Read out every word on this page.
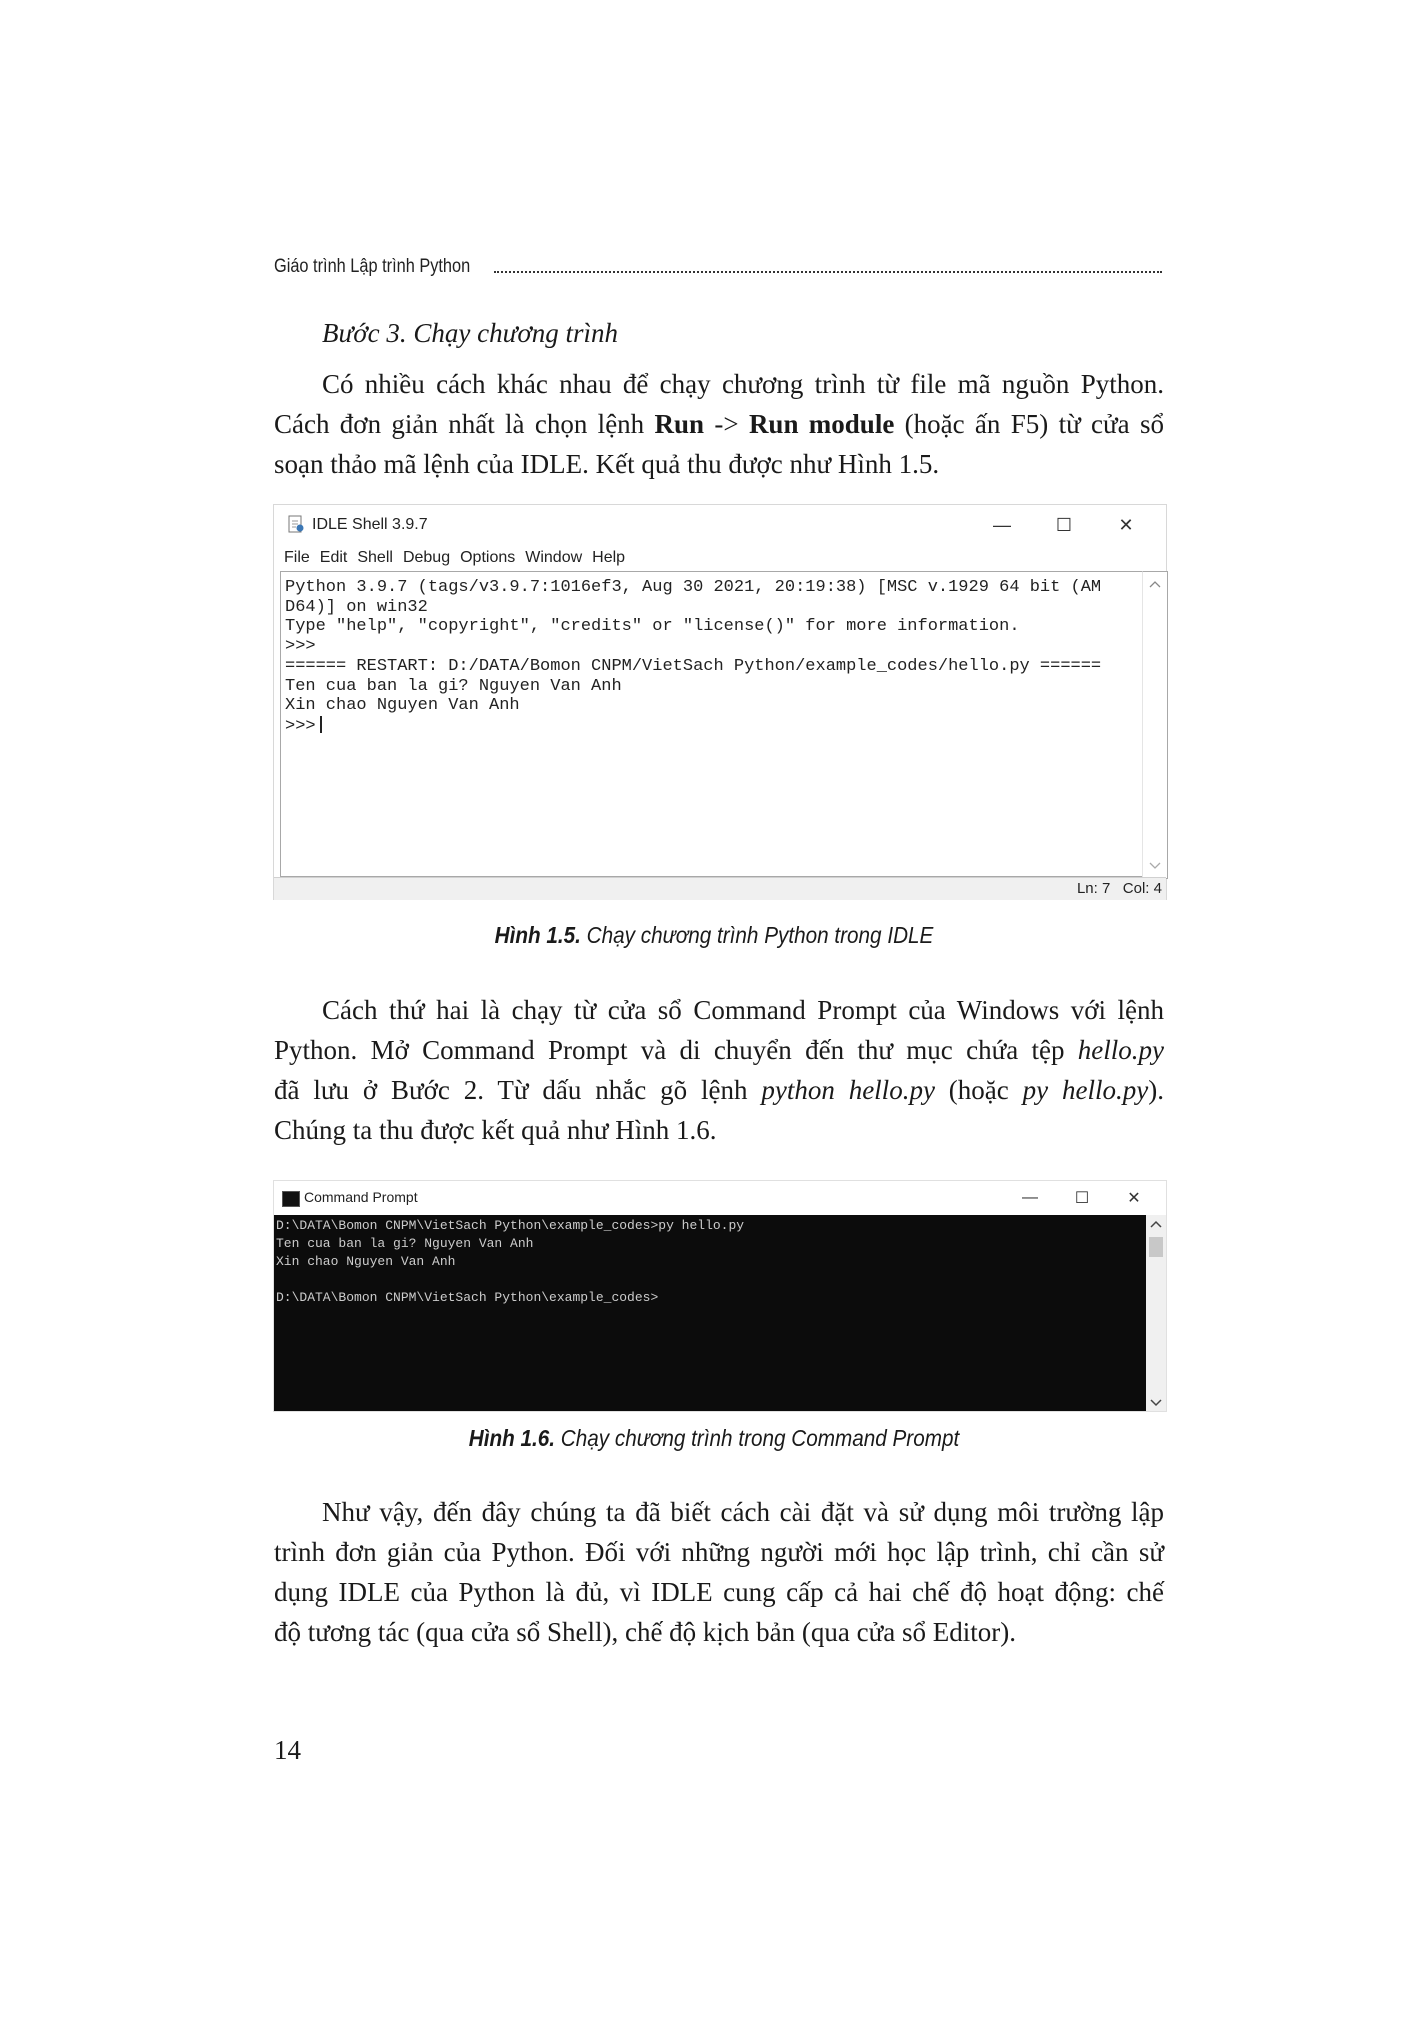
Giáo trình Lập trình Python

Bước 3. Chạy chương trình

Có nhiều cách khác nhau để chạy chương trình từ file mã nguồn Python.
Cách đơn giản nhất là chọn lệnh Run -> Run module (hoặc ấn F5) từ cửa sổ
soạn thảo mã lệnh của IDLE. Kết quả thu được như Hình 1.5.
IDLE Shell 3.9.7	—	☐	✕
File Edit Shell Debug Options Window Help
Python 3.9.7 (tags/v3.9.7:1016ef3, Aug 30 2021, 20:19:38) [MSC v.1929 64 bit (AM
D64)] on win32
Type "help", "copyright", "credits" or "license()" for more information.
>>>
====== RESTART: D:/DATA/Bomon CNPM/VietSach Python/example_codes/hello.py ======
Ten cua ban la gi? Nguyen Van Anh
Xin chao Nguyen Van Anh
>>>
Ln: 7   Col: 4

Hình 1.5. Chạy chương trình Python trong IDLE

Cách thứ hai là chạy từ cửa sổ Command Prompt của Windows với lệnh
Python. Mở Command Prompt và di chuyển đến thư mục chứa tệp hello.py
đã lưu ở Bước 2. Từ dấu nhắc gõ lệnh python hello.py (hoặc py hello.py).
Chúng ta thu được kết quả như Hình 1.6.
Command Prompt	—	☐	✕
D:\DATA\Bomon CNPM\VietSach Python\example_codes>py hello.py
Ten cua ban la gi? Nguyen Van Anh
Xin chao Nguyen Van Anh

D:\DATA\Bomon CNPM\VietSach Python\example_codes>

Hình 1.6. Chạy chương trình trong Command Prompt

Như vậy, đến đây chúng ta đã biết cách cài đặt và sử dụng môi trường lập
trình đơn giản của Python. Đối với những người mới học lập trình, chỉ cần sử
dụng IDLE của Python là đủ, vì IDLE cung cấp cả hai chế độ hoạt động: chế
độ tương tác (qua cửa sổ Shell), chế độ kịch bản (qua cửa sổ Editor).

14
